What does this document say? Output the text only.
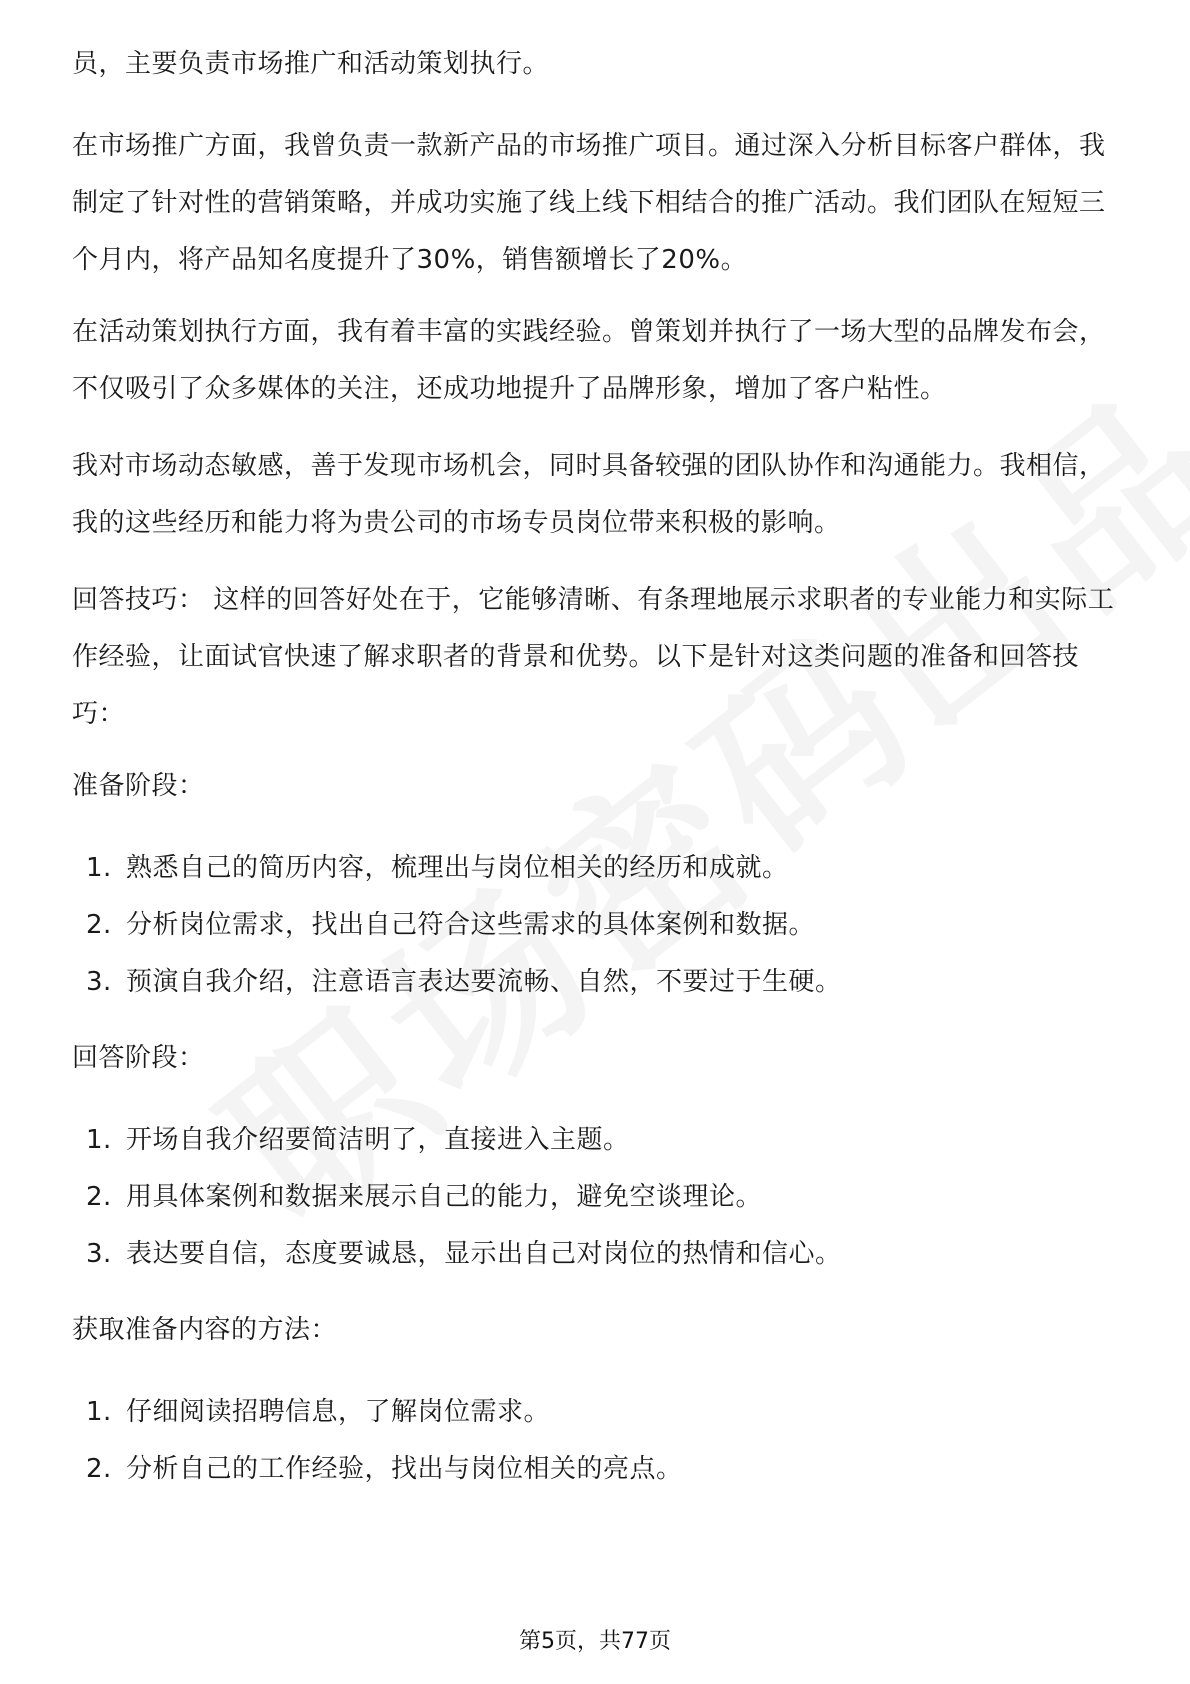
员，主要负责市场推广和活动策划执行。

在市场推广方面，我曾负责一款新产品的市场推广项目。通过深入分析目标客户群体，我制定了针对性的营销策略，并成功实施了线上线下相结合的推广活动。我们团队在短短三个月内，将产品知名度提升了30%，销售额增长了20%。

在活动策划执行方面，我有着丰富的实践经验。曾策划并执行了一场大型的品牌发布会，不仅吸引了众多媒体的关注，还成功地提升了品牌形象，增加了客户粘性。

我对市场动态敏感，善于发现市场机会，同时具备较强的团队协作和沟通能力。我相信，我的这些经历和能力将为贵公司的市场专员岗位带来积极的影响。

回答技巧： 这样的回答好处在于，它能够清晰、有条理地展示求职者的专业能力和实际工作经验，让面试官快速了解求职者的背景和优势。以下是针对这类问题的准备和回答技巧：

准备阶段：

1. 熟悉自己的简历内容，梳理出与岗位相关的经历和成就。
2. 分析岗位需求，找出自己符合这些需求的具体案例和数据。
3. 预演自我介绍，注意语言表达要流畅、自然，不要过于生硬。

回答阶段：

1. 开场自我介绍要简洁明了，直接进入主题。
2. 用具体案例和数据来展示自己的能力，避免空谈理论。
3. 表达要自信，态度要诚恳，显示出自己对岗位的热情和信心。

获取准备内容的方法：

1. 仔细阅读招聘信息，了解岗位需求。
2. 分析自己的工作经验，找出与岗位相关的亮点。
第5页，共77页
